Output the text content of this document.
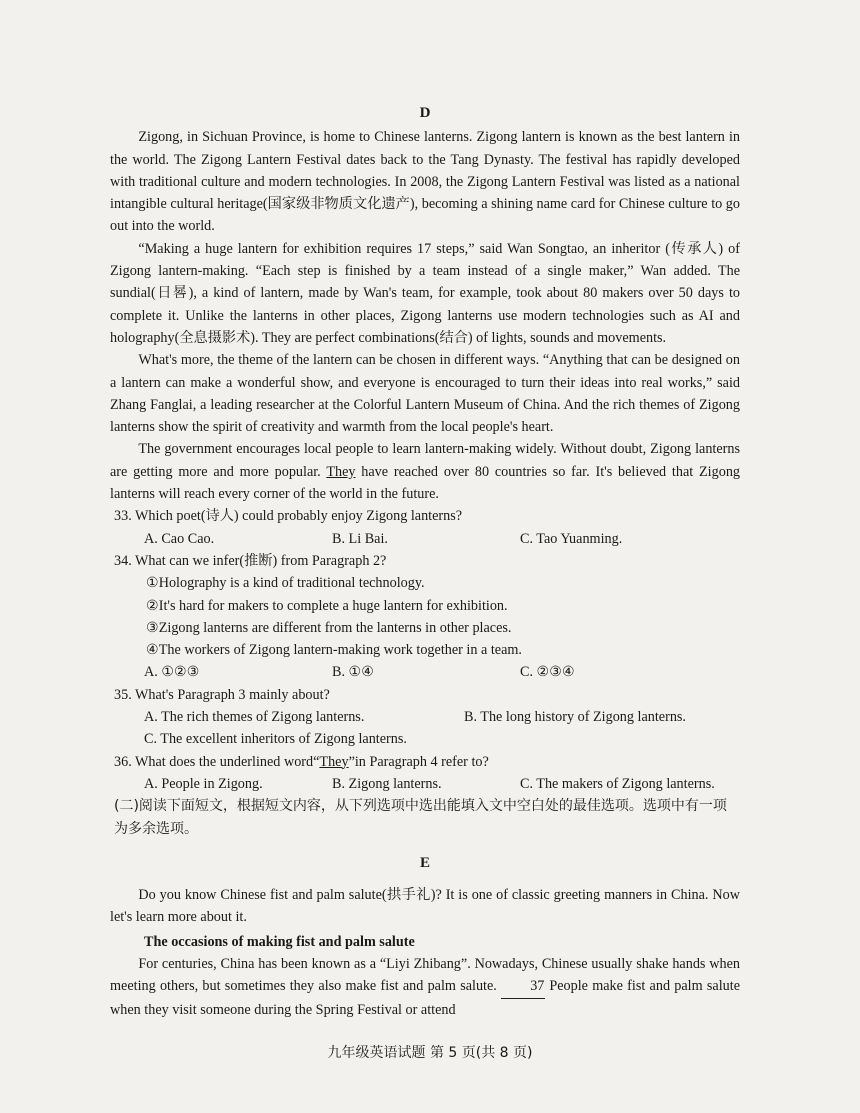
D

Zigong, in Sichuan Province, is home to Chinese lanterns. Zigong lantern is known as the best lantern in the world. The Zigong Lantern Festival dates back to the Tang Dynasty. The festival has rapidly developed with traditional culture and modern technologies. In 2008, the Zigong Lantern Festival was listed as a national intangible cultural heritage(国家级非物质文化遗产), becoming a shining name card for Chinese culture to go out into the world.

“Making a huge lantern for exhibition requires 17 steps,” said Wan Songtao, an inheritor (传承人) of Zigong lantern-making. “Each step is finished by a team instead of a single maker,” Wan added. The sundial(日晷), a kind of lantern, made by Wan's team, for example, took about 80 makers over 50 days to complete it. Unlike the lanterns in other places, Zigong lanterns use modern technologies such as AI and holography(全息摄影术). They are perfect combinations(结合) of lights, sounds and movements.

What's more, the theme of the lantern can be chosen in different ways. “Anything that can be designed on a lantern can make a wonderful show, and everyone is encouraged to turn their ideas into real works,” said Zhang Fanglai, a leading researcher at the Colorful Lantern Museum of China. And the rich themes of Zigong lanterns show the spirit of creativity and warmth from the local people's heart.

The government encourages local people to learn lantern-making widely. Without doubt, Zigong lanterns are getting more and more popular. They have reached over 80 countries so far. It's believed that Zigong lanterns will reach every corner of the world in the future.

33. Which poet(诗人) could probably enjoy Zigong lanterns?

A. Cao Cao.	B. Li Bai.	C. Tao Yuanming.

34. What can we infer(推断) from Paragraph 2?

①Holography is a kind of traditional technology.

②It's hard for makers to complete a huge lantern for exhibition.

③Zigong lanterns are different from the lanterns in other places.

④The workers of Zigong lantern-making work together in a team.

A. ①②③	B. ①④	C. ②③④

35. What's Paragraph 3 mainly about?

A. The rich themes of Zigong lanterns.	B. The long history of Zigong lanterns.
C. The excellent inheritors of Zigong lanterns.

36. What does the underlined word“They”in Paragraph 4 refer to?

A. People in Zigong.	B. Zigong lanterns.	C. The makers of Zigong lanterns.

(二)阅读下面短文，根据短文内容，从下列选项中选出能填入文中空白处的最佳选项。选项中有一项为多余选项。

E

Do you know Chinese fist and palm salute(拱手礼)? It is one of classic greeting manners in China. Now let's learn more about it.

The occasions of making fist and palm salute

For centuries, China has been known as a “Liyi Zhibang”. Nowadays, Chinese usually shake hands when meeting others, but sometimes they also make fist and palm salute. 37 People make fist and palm salute when they visit someone during the Spring Festival or attend

九年级英语试题 第 5 页(共 8 页)
